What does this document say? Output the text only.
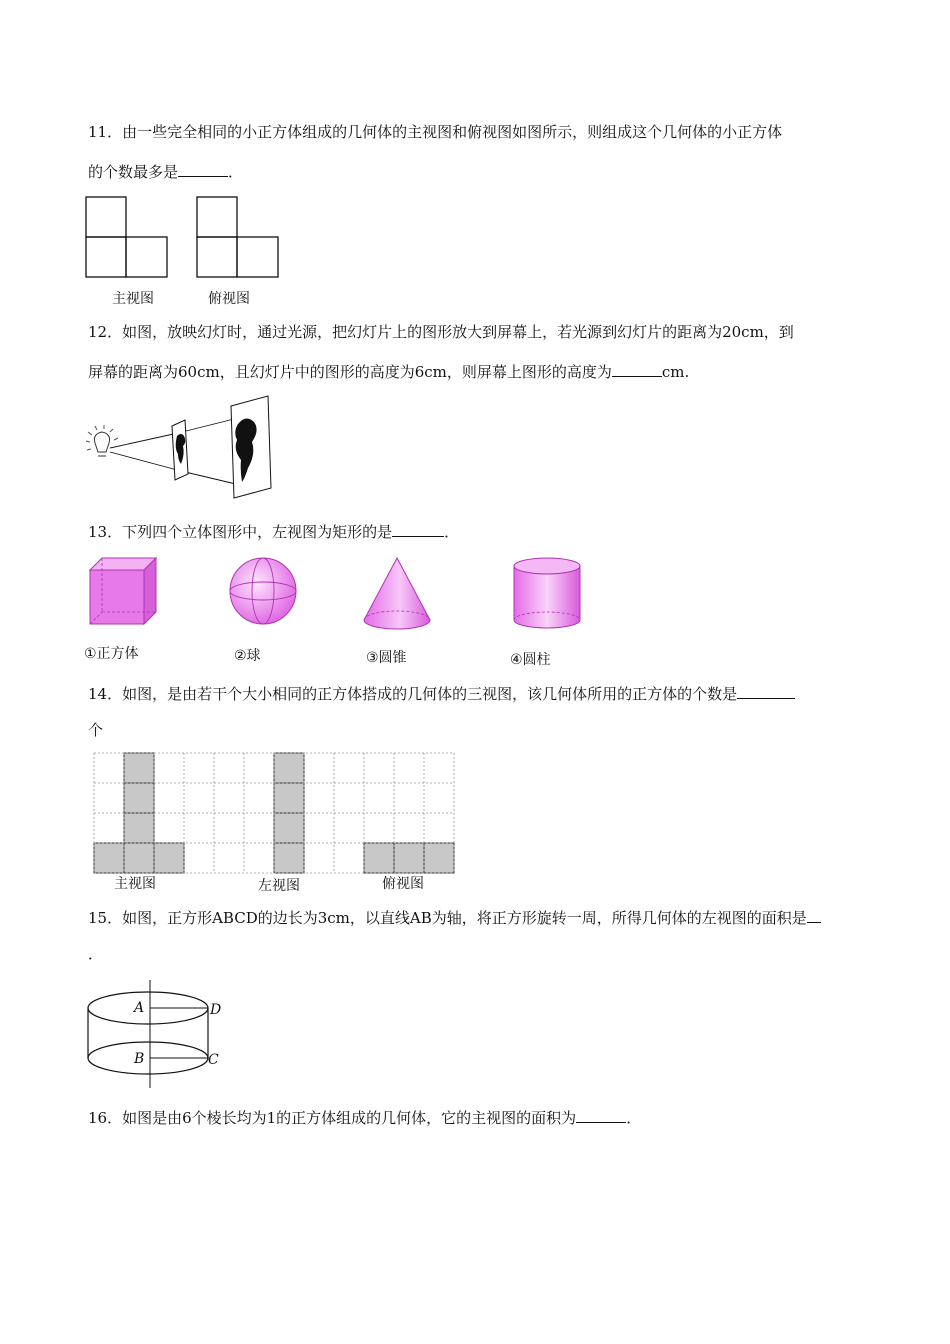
11．由一些完全相同的小正方体组成的几何体的主视图和俯视图如图所示，则组成这个几何体的小正方体
的个数最多是	．
主视图	俯视图
12．如图，放映幻灯时，通过光源，把幻灯片上的图形放大到屏幕上，若光源到幻灯片的距离为20cm，到
屏幕的距离为60cm，且幻灯片中的图形的高度为6cm，则屏幕上图形的高度为	cm.
13．下列四个立体图形中，左视图为矩形的是	．
①正方体	②球	③圆锥	④圆柱
14．如图，是由若干个大小相同的正方体搭成的几何体的三视图，该几何体所用的正方体的个数是
个
主视图	左视图	俯视图
15．如图，正方形ABCD的边长为3cm，以直线AB为轴，将正方形旋转一周，所得几何体的左视图的面积是
．
A	D
B	C
16．如图是由6个棱长均为1的正方体组成的几何体，它的主视图的面积为	．
